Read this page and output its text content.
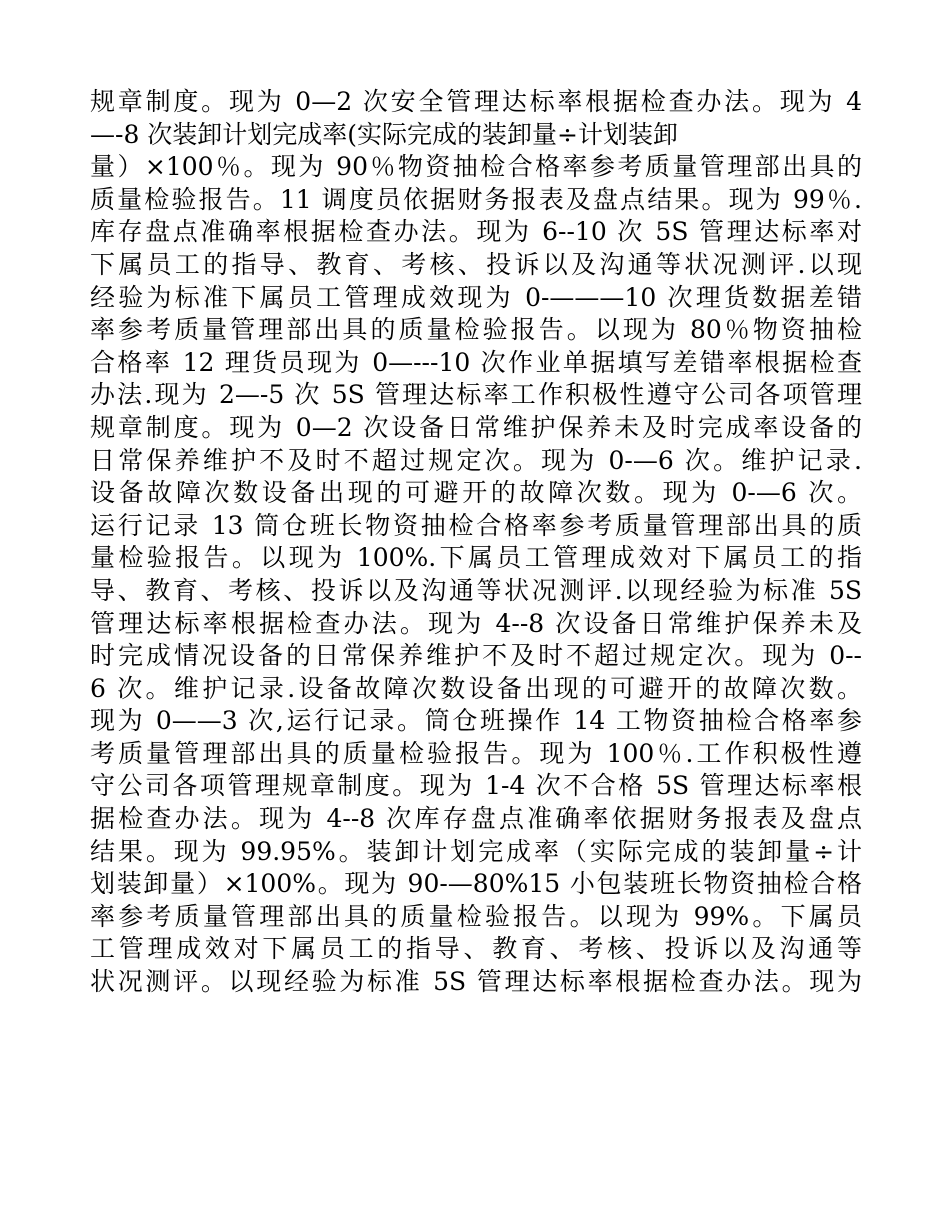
规章制度。现为 0—2 次安全管理达标率根据检查办法。现为 4
—-8 次装卸计划完成率(实际完成的装卸量÷计划装卸
量）×100％。现为 90％物资抽检合格率参考质量管理部出具的
质量检验报告。11 调度员依据财务报表及盘点结果。现为 99％.
库存盘点准确率根据检查办法。现为 6--10 次 5S 管理达标率对
下属员工的指导、教育、考核、投诉以及沟通等状况测评.以现
经验为标准下属员工管理成效现为 0-———10 次理货数据差错
率参考质量管理部出具的质量检验报告。以现为 80％物资抽检
合格率 12 理货员现为 0—---10 次作业单据填写差错率根据检查
办法.现为 2—-5 次 5S 管理达标率工作积极性遵守公司各项管理
规章制度。现为 0—2 次设备日常维护保养未及时完成率设备的
日常保养维护不及时不超过规定次。现为 0-—6 次。维护记录.
设备故障次数设备出现的可避开的故障次数。现为 0-—6 次。
运行记录 13 筒仓班长物资抽检合格率参考质量管理部出具的质
量检验报告。以现为 100%.下属员工管理成效对下属员工的指
导、教育、考核、投诉以及沟通等状况测评.以现经验为标准 5S
管理达标率根据检查办法。现为 4--8 次设备日常维护保养未及
时完成情况设备的日常保养维护不及时不超过规定次。现为 0--
6 次。维护记录.设备故障次数设备出现的可避开的故障次数。
现为 0——3 次,运行记录。筒仓班操作 14 工物资抽检合格率参
考质量管理部出具的质量检验报告。现为 100％.工作积极性遵
守公司各项管理规章制度。现为 1-4 次不合格 5S 管理达标率根
据检查办法。现为 4--8 次库存盘点准确率依据财务报表及盘点
结果。现为 99.95%。装卸计划完成率（实际完成的装卸量÷计
划装卸量）×100%。现为 90-—80%15 小包装班长物资抽检合格
率参考质量管理部出具的质量检验报告。以现为 99%。下属员
工管理成效对下属员工的指导、教育、考核、投诉以及沟通等
状况测评。以现经验为标准 5S 管理达标率根据检查办法。现为
